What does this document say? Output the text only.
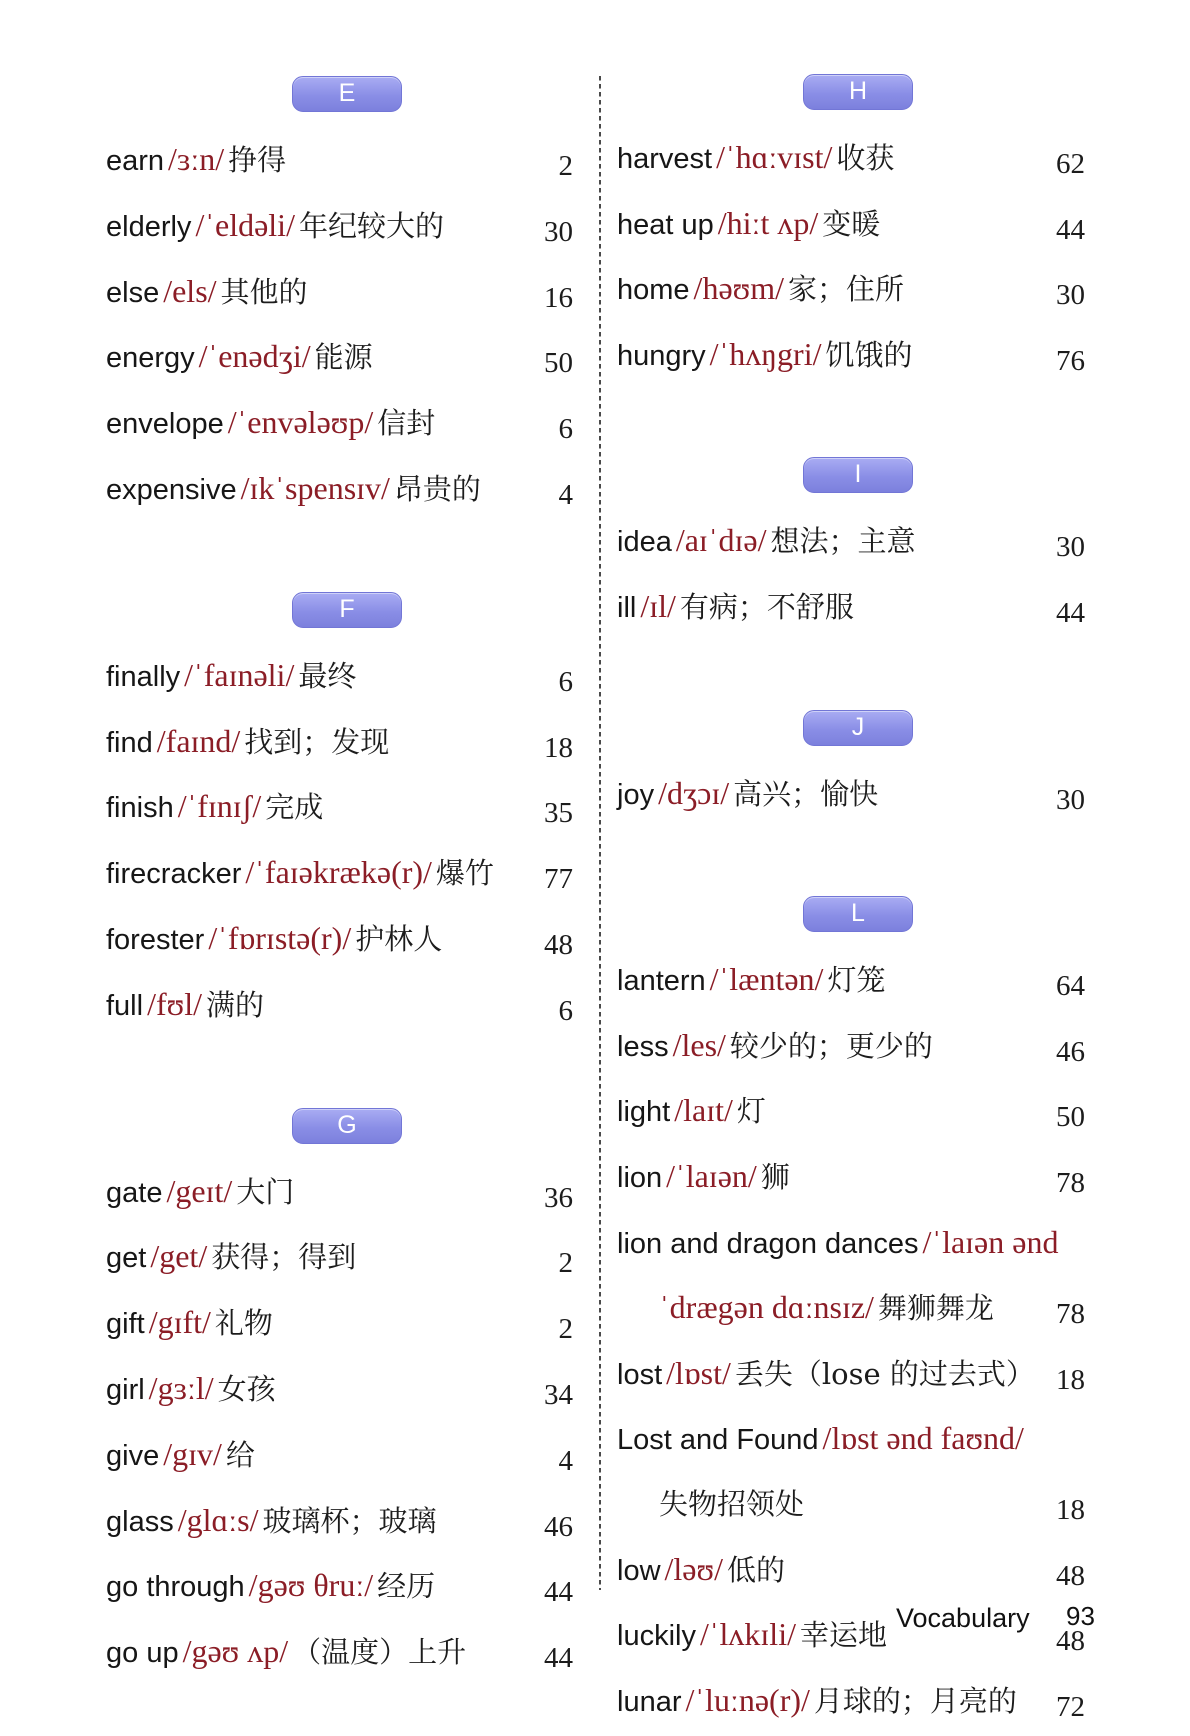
E
earn /ɜːn/ 挣得	2
elderly /ˈeldəli/ 年纪较大的	30
else /els/ 其他的	16
energy /ˈenədʒi/ 能源	50
envelope /ˈenvələʊp/ 信封	6
expensive /ɪkˈspensɪv/ 昂贵的	4
F
finally /ˈfaɪnəli/ 最终	6
find /faɪnd/ 找到；发现	18
finish /ˈfɪnɪʃ/ 完成	35
firecracker /ˈfaɪəkrækə(r)/ 爆竹	77
forester /ˈfɒrɪstə(r)/ 护林人	48
full /fʊl/ 满的	6
G
gate /geɪt/ 大门	36
get /get/ 获得；得到	2
gift /gɪft/ 礼物	2
girl /gɜːl/ 女孩	34
give /gɪv/ 给	4
glass /glɑːs/ 玻璃杯；玻璃	46
go through /gəʊ θruː/ 经历	44
go up /gəʊ ʌp/ （温度）上升	44
H
harvest /ˈhɑːvɪst/ 收获	62
heat up /hiːt ʌp/ 变暖	44
home /həʊm/ 家；住所	30
hungry /ˈhʌŋgri/ 饥饿的	76
I
idea /aɪˈdɪə/ 想法；主意	30
ill /ɪl/ 有病；不舒服	44
J
joy /dʒɔɪ/ 高兴；愉快	30
L
lantern /ˈlæntən/ 灯笼	64
less /les/ 较少的；更少的	46
light /laɪt/ 灯	50
lion /ˈlaɪən/ 狮	78
lion and dragon dances /ˈlaɪən ənd ˈdrægən dɑːnsɪz/ 舞狮舞龙	78
lost /lɒst/ 丢失（lose 的过去式） 18
Lost and Found /lɒst ənd faʊnd/ 失物招领处	18
low /ləʊ/ 低的	48
luckily /ˈlʌkɪli/ 幸运地	48
lunar /ˈluːnə(r)/ 月球的；月亮的	72
Vocabulary 93
